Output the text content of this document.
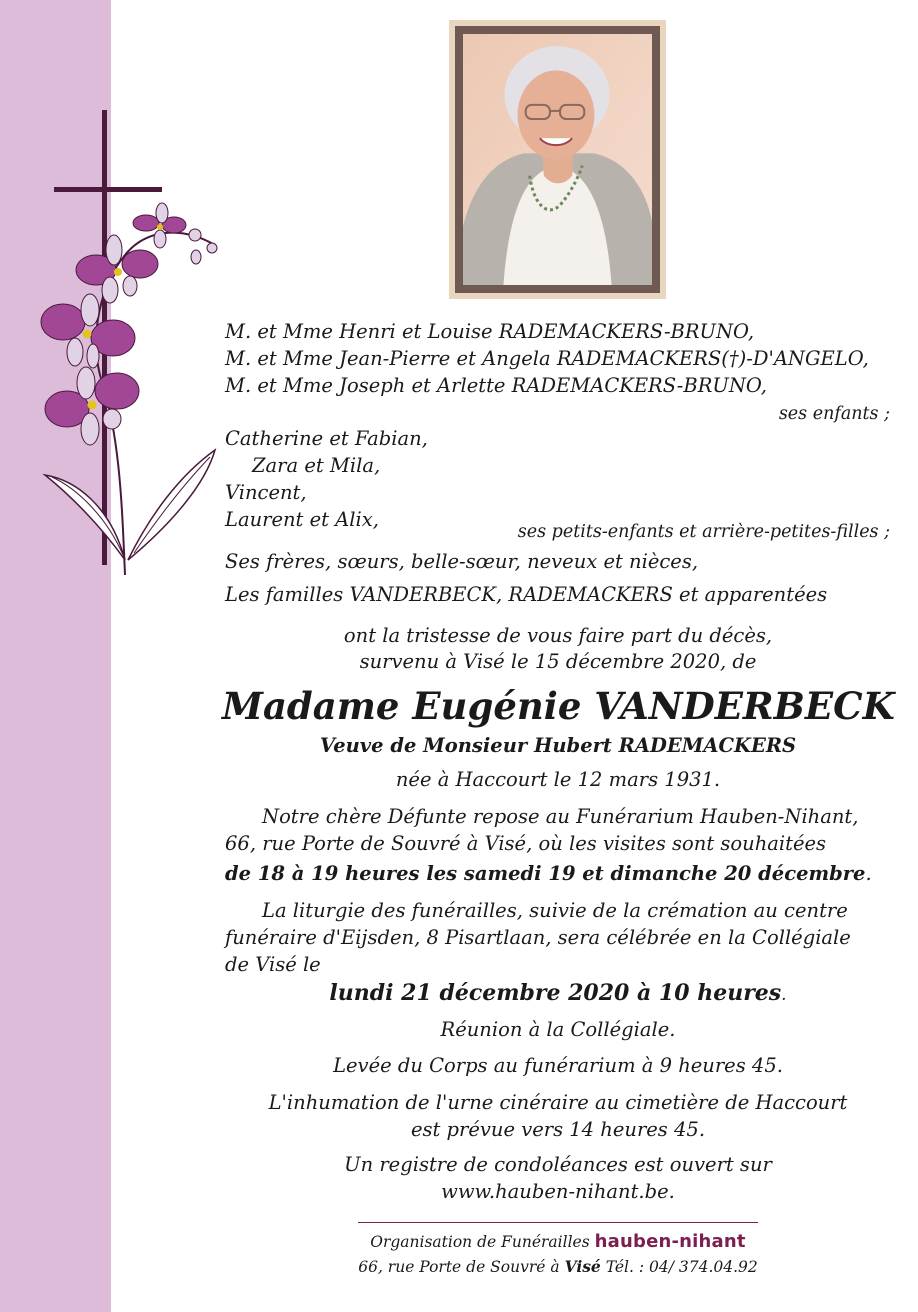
M. et Mme Henri et Louise RADEMACKERS-BRUNO,
M. et Mme Jean-Pierre et Angela RADEMACKERS(†)-D'ANGELO,
M. et Mme Joseph et Arlette RADEMACKERS-BRUNO,
ses enfants ;
Catherine et Fabian,
Zara et Mila,
Vincent,
Laurent et Alix,
ses petits-enfants et arrière-petites-filles ;
Ses frères, sœurs, belle-sœur, neveux et nièces,
Les familles VANDERBECK, RADEMACKERS et apparentées
ont la tristesse de vous faire part du décès,
survenu à Visé le 15 décembre 2020, de
Madame Eugénie VANDERBECK
Veuve de Monsieur Hubert RADEMACKERS
née à Haccourt le 12 mars 1931.
Notre chère Défunte repose au Funérarium Hauben-Nihant,
66, rue Porte de Souvré à Visé, où les visites sont souhaitées
de 18 à 19 heures les samedi 19 et dimanche 20 décembre.
La liturgie des funérailles, suivie de la crémation au centre
funéraire d'Eijsden, 8 Pisartlaan, sera célébrée en la Collégiale
de Visé le
lundi 21 décembre 2020 à 10 heures.
Réunion à la Collégiale.
Levée du Corps au funérarium à 9 heures 45.
L'inhumation de l'urne cinéraire au cimetière de Haccourt
est prévue vers 14 heures 45.
Un registre de condoléances est ouvert sur
www.hauben-nihant.be.
Organisation de Funérailles hauben-nihant
66, rue Porte de Souvré à Visé Tél. : 04/ 374.04.92
